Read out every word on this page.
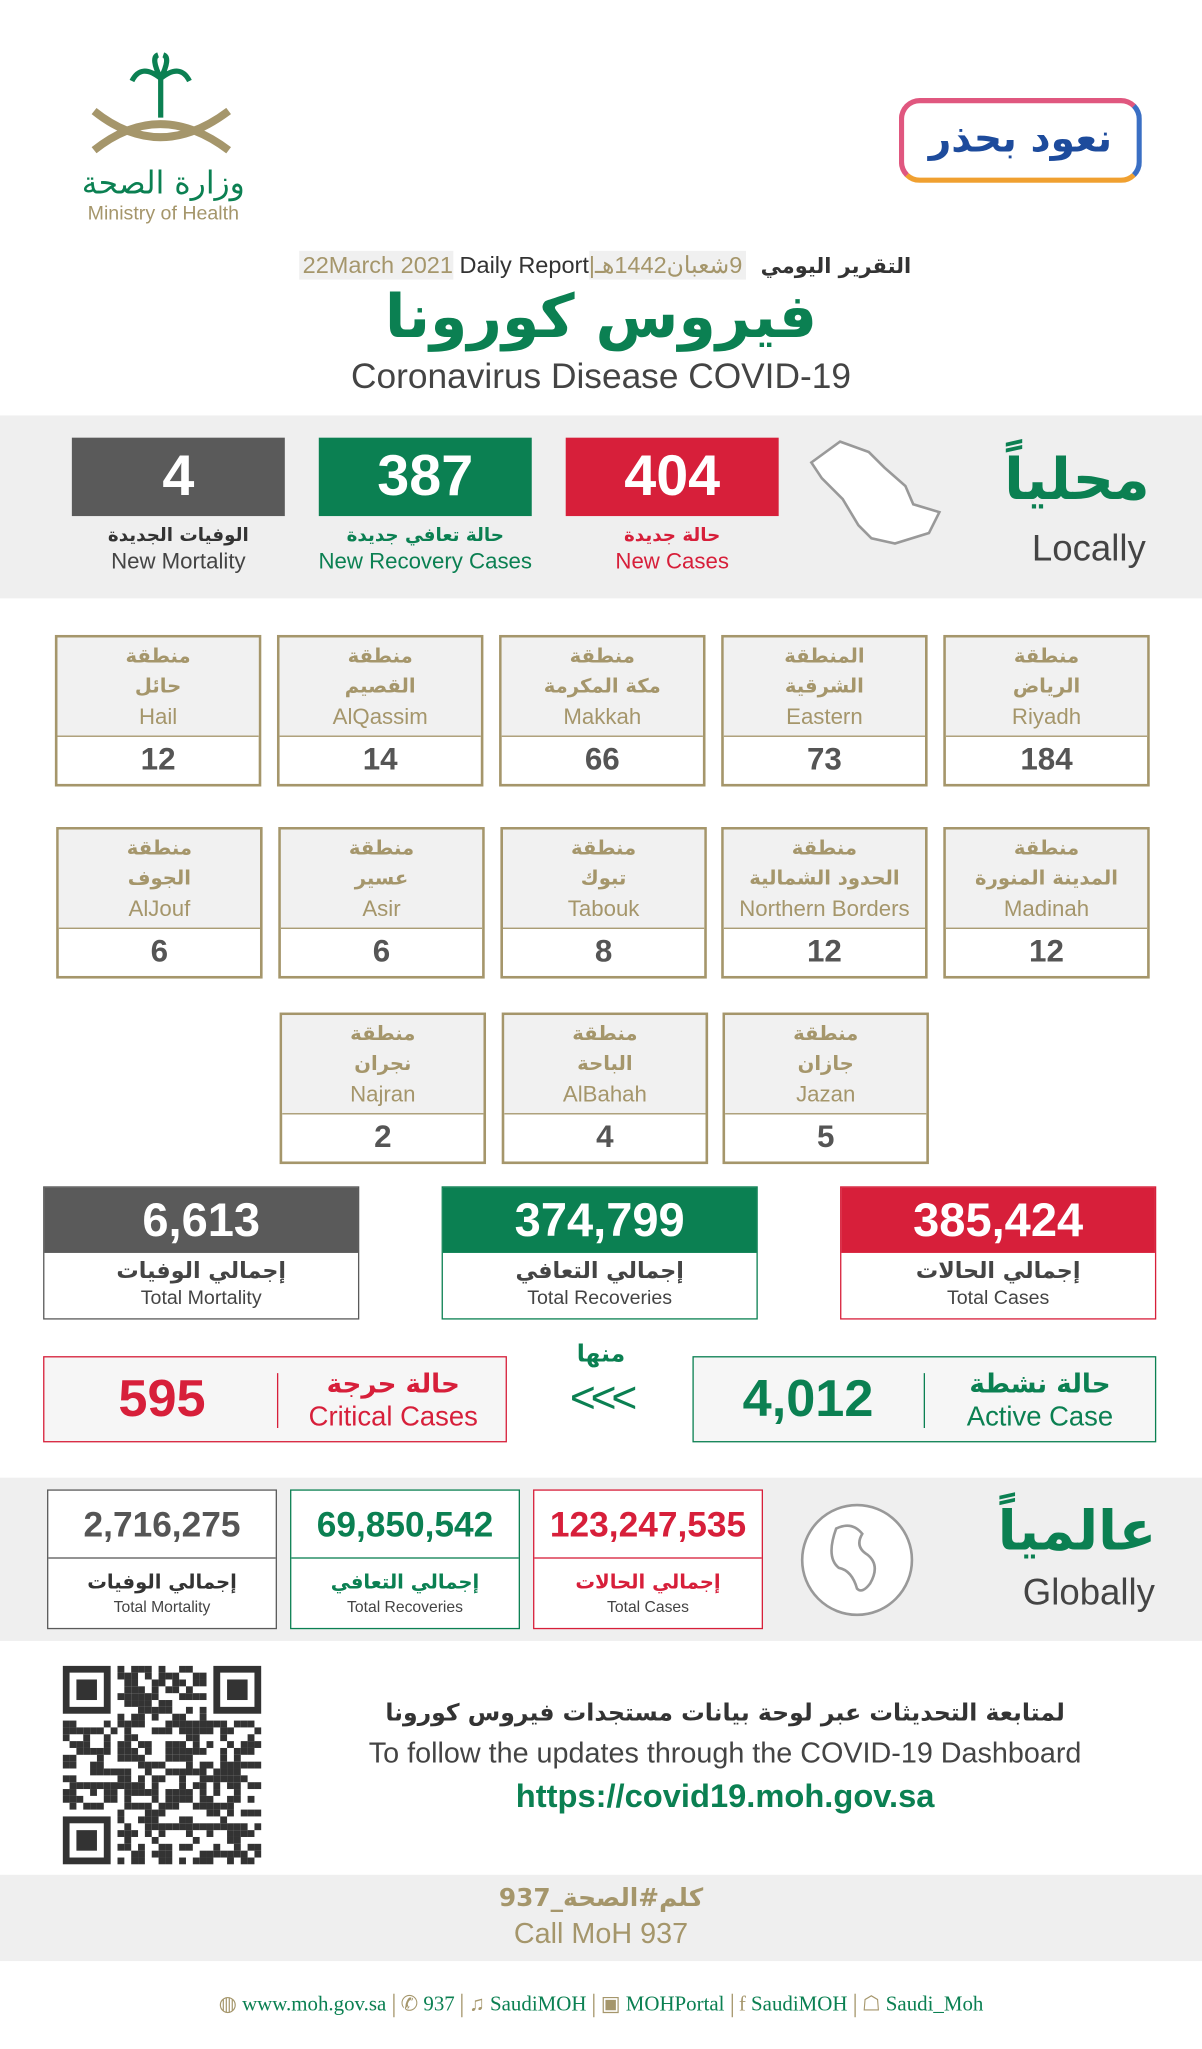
وزارة الصحة
Ministry of Health
نعود بحذر
التقرير اليومي 9شعبان1442هـ|22March 2021 Daily Report
فيروس كورونا
Coronavirus Disease COVID-19
4	387	404
الوفيات الجديدة
New Mortality
حالة تعافي جديدة
New Recovery Cases
حالة جديدة
New Cases
محلياً
Locally
منطقة
الرياض
Riyadh
184
المنطقة
الشرقية
Eastern
73
منطقة
مكة المكرمة
Makkah
66
منطقة
القصيم
AlQassim
14
منطقة
حائل
Hail
12
منطقة
المدينة المنورة
Madinah
12
منطقة
الحدود الشمالية
Northern Borders
12
منطقة
تبوك
Tabouk
8
منطقة
عسير
Asir
6
منطقة
الجوف
AlJouf
6
منطقة
جازان
Jazan
5
منطقة
الباحة
AlBahah
4
منطقة
نجران
Najran
2
6,613
إجمالي الوفيات
Total Mortality
374,799
إجمالي التعافي
Total Recoveries
385,424
إجمالي الحالات
Total Cases
595	حالة حرجة
Critical Cases
منها
<<<	4,012	حالة نشطة
Active Case
2,716,275
إجمالي الوفيات
Total Mortality
69,850,542
إجمالي التعافي
Total Recoveries
123,247,535
إجمالي الحالات
Total Cases
عالمياً
Globally
لمتابعة التحديثات عبر لوحة بيانات مستجدات فيروس كورونا
To follow the updates through the COVID-19 Dashboard
https://covid19.moh.gov.sa
كلم#الصحة_937
Call MoH 937
◍ www.moh.gov.sa ✆ 937 ♫ SaudiMOH ▣ MOHPortal f SaudiMOH ☖ Saudi_Moh
